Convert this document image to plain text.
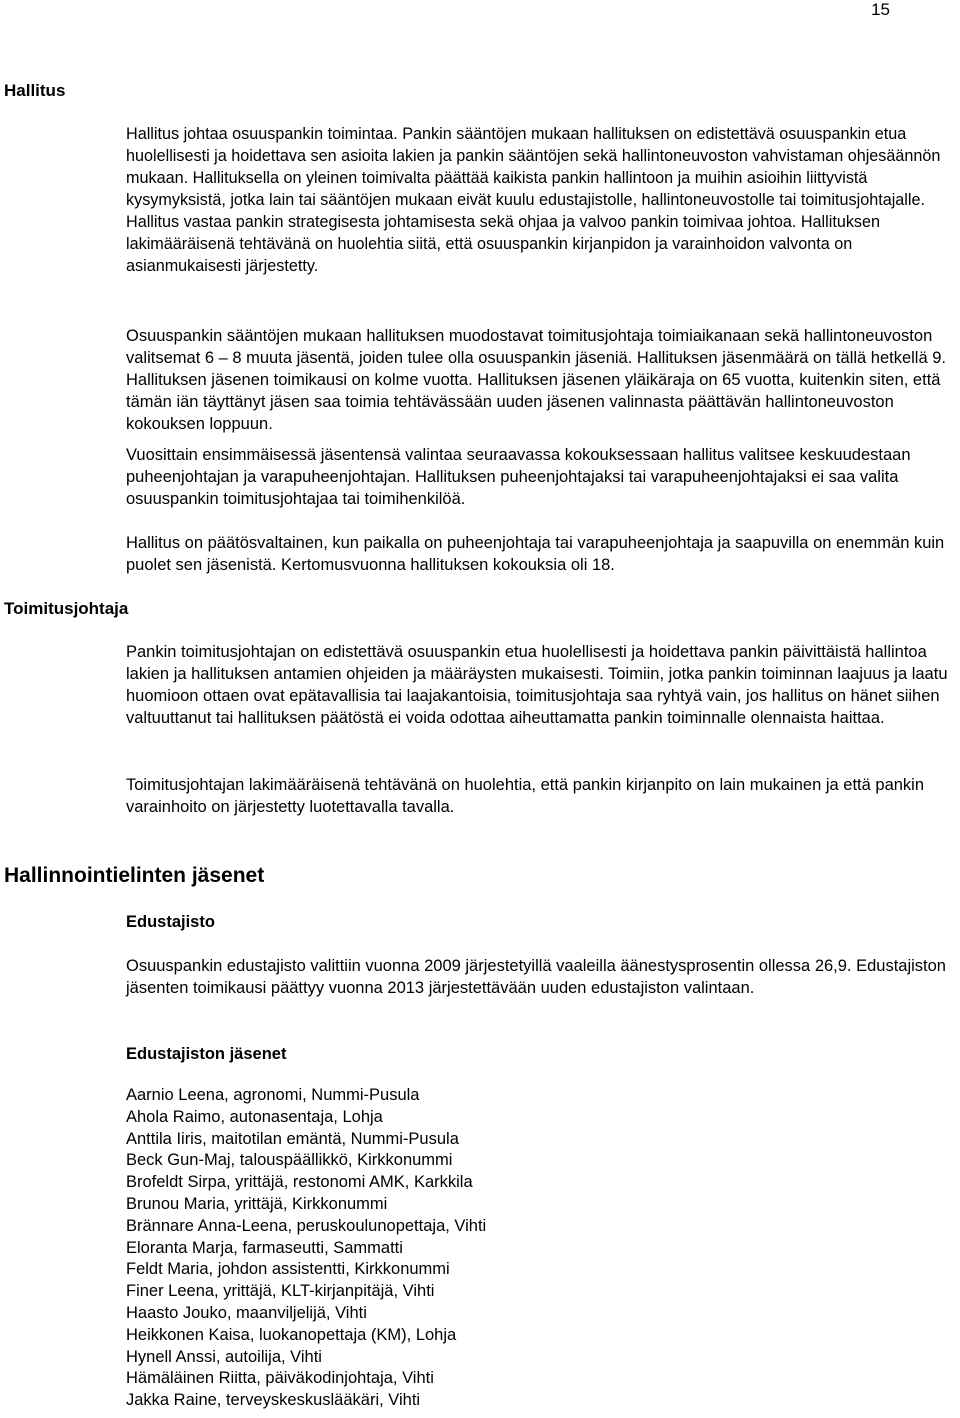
15
Hallitus

Hallitus johtaa osuuspankin toimintaa. Pankin sääntöjen mukaan hallituksen on edistettävä osuuspankin etua huolellisesti ja hoidettava sen asioita lakien ja pankin sääntöjen sekä hallintoneuvoston vahvistaman ohjesäännön mukaan. Hallituksella on yleinen toimivalta päättää kaikista pankin hallintoon ja muihin asioihin liittyvistä kysymyksistä, jotka lain tai sääntöjen mukaan eivät kuulu edustajistolle, hallintoneuvostolle tai toimitusjohtajalle. Hallitus vastaa pankin strategisesta johtamisesta sekä ohjaa ja valvoo pankin toimivaa johtoa. Hallituksen lakimääräisenä tehtävänä on huolehtia siitä, että osuuspankin kirjanpidon ja varainhoidon valvonta on asianmukaisesti järjestetty.

Osuuspankin sääntöjen mukaan hallituksen muodostavat toimitusjohtaja toimiaikanaan sekä hallintoneuvoston valitsemat 6 – 8 muuta jäsentä, joiden tulee olla osuuspankin jäseniä. Hallituksen jäsenmäärä on tällä hetkellä 9. Hallituksen jäsenen toimikausi on kolme vuotta. Hallituksen jäsenen yläikäraja on 65 vuotta, kuitenkin siten, että tämän iän täyttänyt jäsen saa toimia tehtävässään uuden jäsenen valinnasta päättävän hallintoneuvoston kokouksen loppuun.

Vuosittain ensimmäisessä jäsentensä valintaa seuraavassa kokouksessaan hallitus valitsee keskuudestaan puheenjohtajan ja varapuheenjohtajan. Hallituksen puheenjohtajaksi tai varapuheenjohtajaksi ei saa valita osuuspankin toimitusjohtajaa tai toimihenkilöä.

Hallitus on päätösvaltainen, kun paikalla on puheenjohtaja tai varapuheenjohtaja ja saapuvilla on enemmän kuin puolet sen jäsenistä. Kertomusvuonna hallituksen kokouksia oli 18.

Toimitusjohtaja

Pankin toimitusjohtajan on edistettävä osuuspankin etua huolellisesti ja hoidettava pankin päivittäistä hallintoa lakien ja hallituksen antamien ohjeiden ja määräysten mukaisesti. Toimiin, jotka pankin toiminnan laajuus ja laatu huomioon ottaen ovat epätavallisia tai laajakantoisia, toimitusjohtaja saa ryhtyä vain, jos hallitus on hänet siihen valtuuttanut tai hallituksen päätöstä ei voida odottaa aiheuttamatta pankin toiminnalle olennaista haittaa.

Toimitusjohtajan lakimääräisenä tehtävänä on huolehtia, että pankin kirjanpito on lain mukainen ja että pankin varainhoito on järjestetty luotettavalla tavalla.

Hallinnointielinten jäsenet
Edustajisto

Osuuspankin edustajisto valittiin vuonna 2009 järjestetyillä vaaleilla äänestysprosentin ollessa 26,9. Edustajiston jäsenten toimikausi päättyy vuonna 2013 järjestettävään uuden edustajiston valintaan.

Edustajiston jäsenet
Aarnio Leena, agronomi, Nummi-Pusula
Ahola Raimo, autonasentaja, Lohja
Anttila Iiris, maitotilan emäntä, Nummi-Pusula
Beck Gun-Maj, talouspäällikkö, Kirkkonummi
Brofeldt Sirpa, yrittäjä, restonomi AMK, Karkkila
Brunou Maria, yrittäjä, Kirkkonummi
Brännare Anna-Leena, peruskoulunopettaja, Vihti
Eloranta Marja, farmaseutti, Sammatti
Feldt Maria, johdon assistentti, Kirkkonummi
Finer Leena, yrittäjä, KLT-kirjanpitäjä, Vihti
Haasto Jouko, maanviljelijä, Vihti
Heikkonen Kaisa, luokanopettaja (KM), Lohja
Hynell Anssi, autoilija, Vihti
Hämäläinen Riitta, päiväkodinjohtaja, Vihti
Jakka Raine, terveyskeskuslääkäri, Vihti
